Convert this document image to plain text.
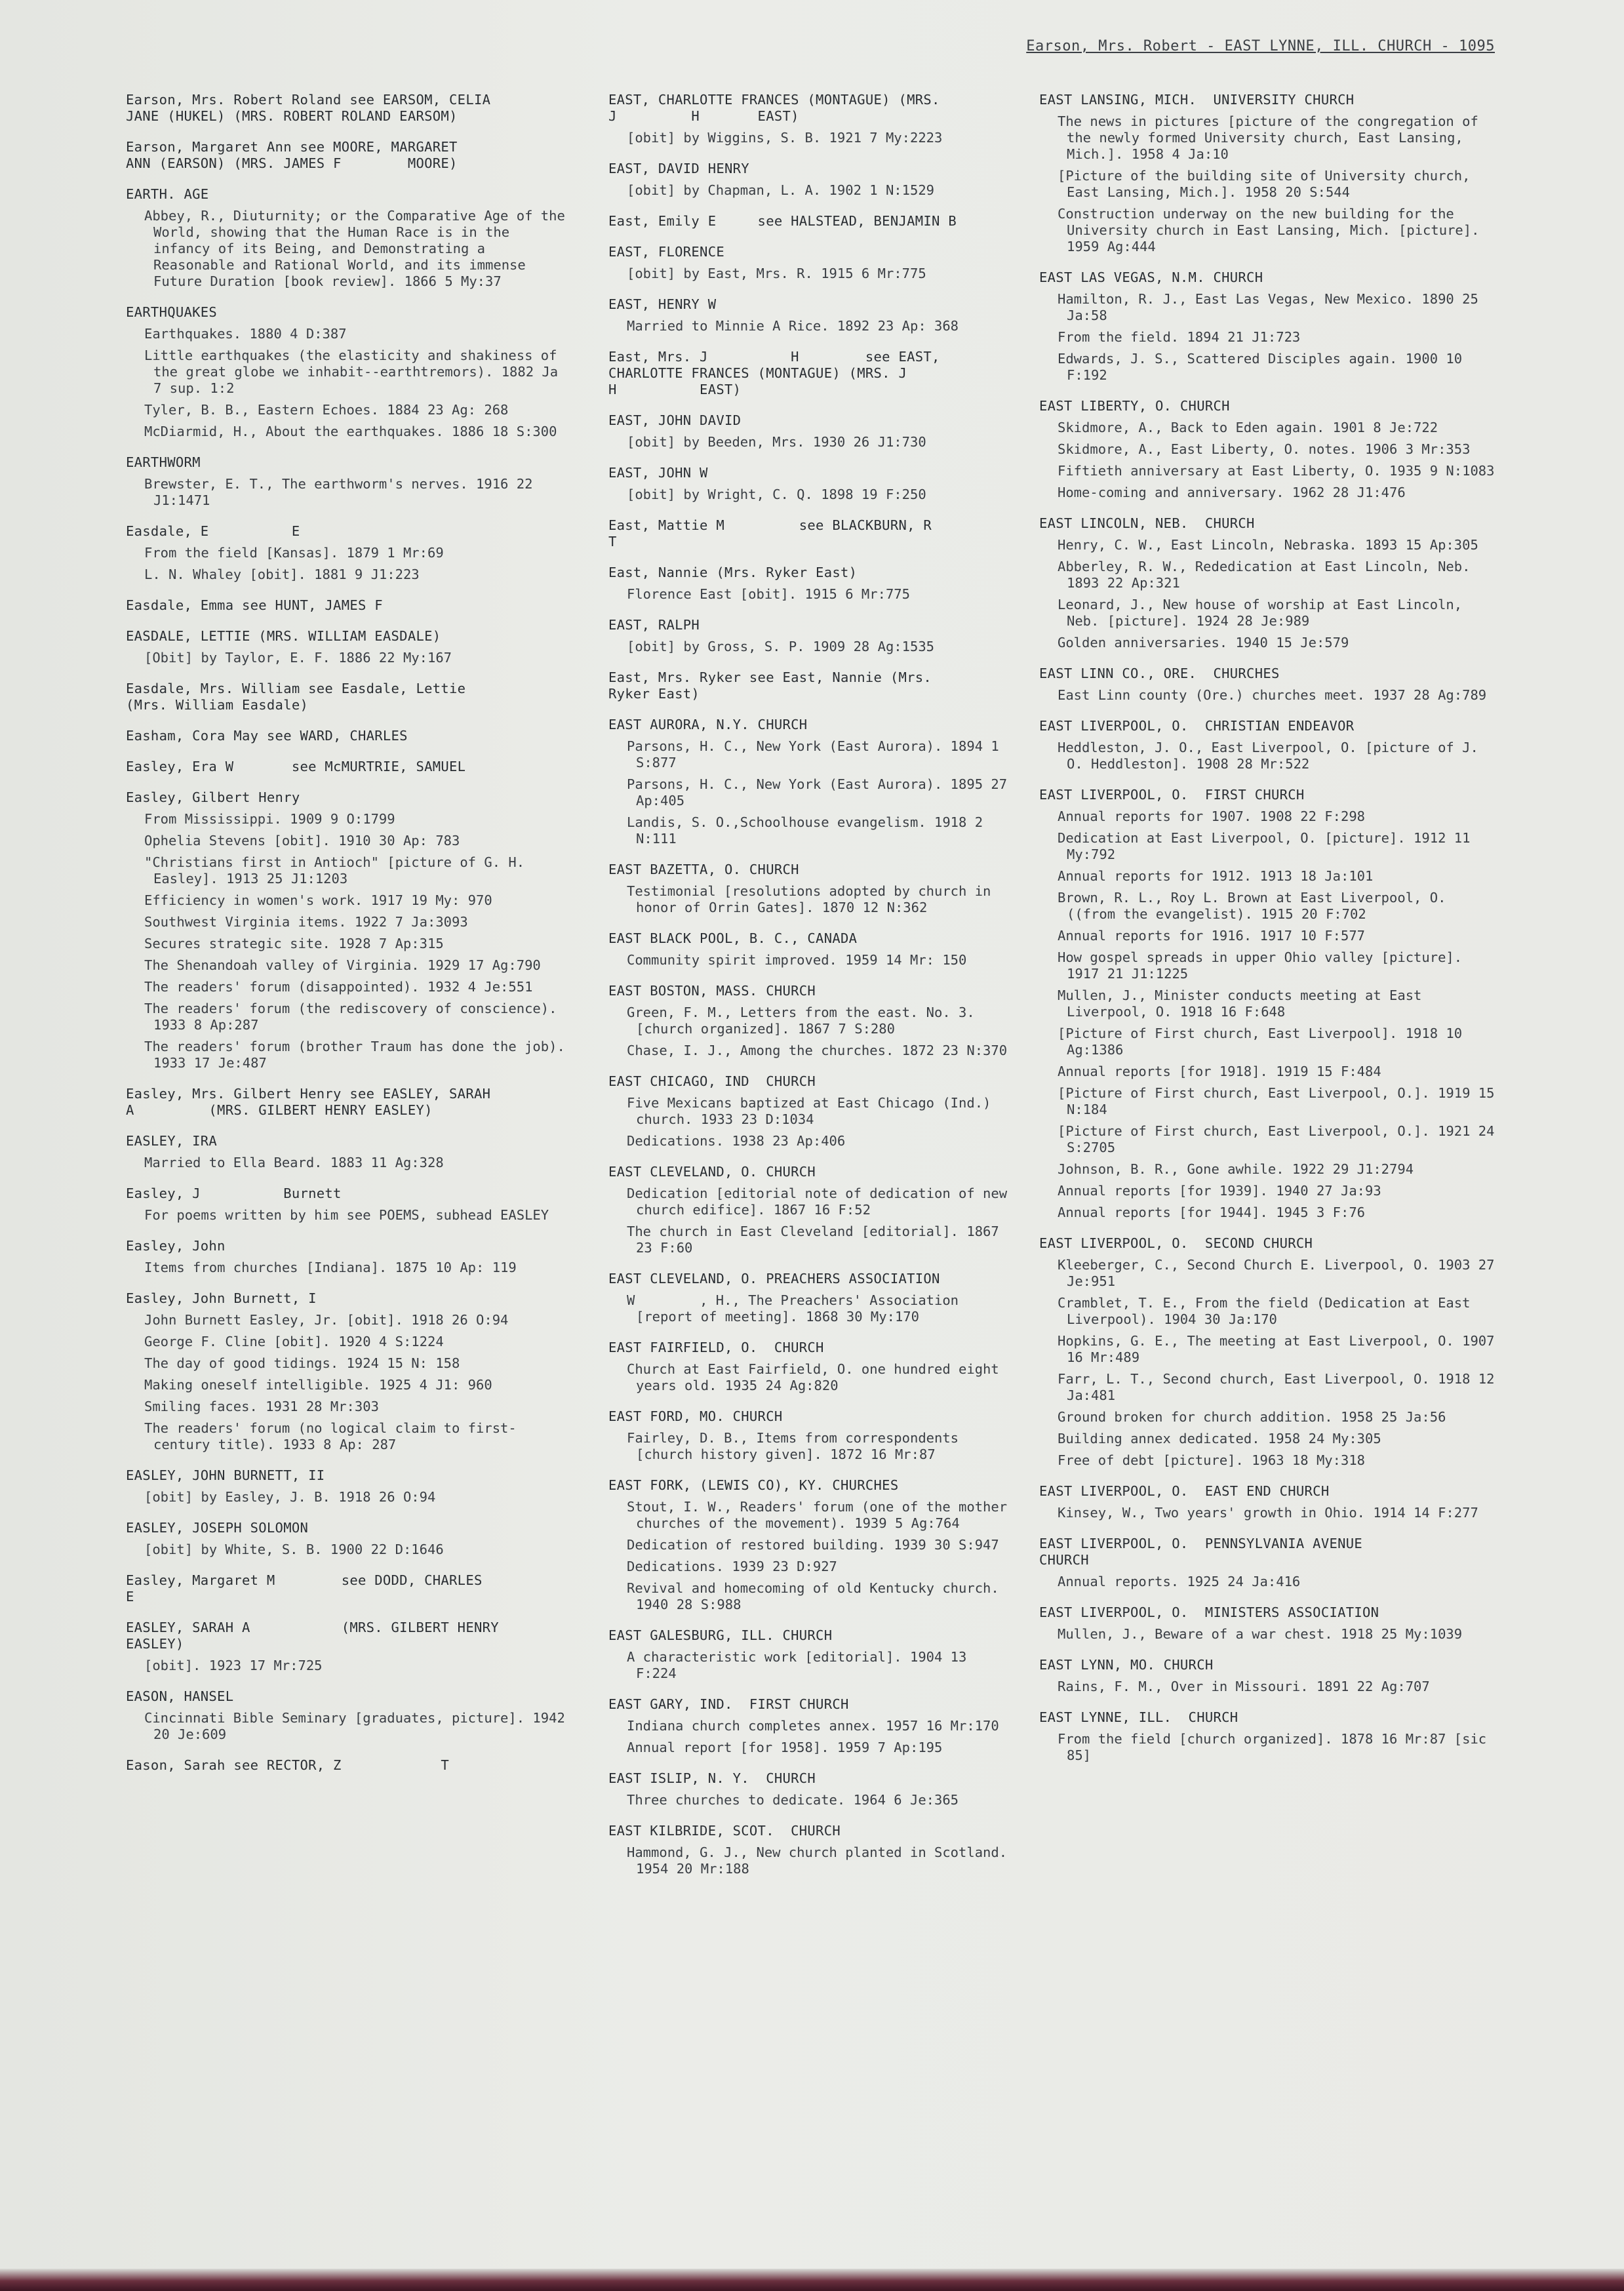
Earson, Mrs. Robert - EAST LYNNE, ILL. CHURCH - 1095
Earson, Mrs. Robert Roland see EARSOM, CELIA
JANE (HUKEL) (MRS. ROBERT ROLAND EARSOM)
Earson, Margaret Ann see MOORE, MARGARET
ANN (EARSON) (MRS. JAMES F        MOORE)
EARTH. AGE
Abbey, R., Diuturnity; or the Comparative Age of the World, showing that the Human Race is in the infancy of its Being, and Demonstrating a Reasonable and Rational World, and its immense Future Duration [book review]. 1866 5 My:37
EARTHQUAKES
Earthquakes. 1880 4 D:387
Little earthquakes (the elasticity and shakiness of the great globe we inhabit--earthtremors). 1882 Ja 7 sup. 1:2
Tyler, B. B., Eastern Echoes. 1884 23 Ag: 268
McDiarmid, H., About the earthquakes. 1886 18 S:300
EARTHWORM
Brewster, E. T., The earthworm's nerves. 1916 22 J1:1471
Easdale, E          E
From the field [Kansas]. 1879 1 Mr:69
L. N. Whaley [obit]. 1881 9 J1:223
Easdale, Emma see HUNT, JAMES F
EASDALE, LETTIE (MRS. WILLIAM EASDALE)
[Obit] by Taylor, E. F. 1886 22 My:167
Easdale, Mrs. William see Easdale, Lettie
(Mrs. William Easdale)
Easham, Cora May see WARD, CHARLES
Easley, Era W       see McMURTRIE, SAMUEL
Easley, Gilbert Henry
From Mississippi. 1909 9 O:1799
Ophelia Stevens [obit]. 1910 30 Ap: 783
"Christians first in Antioch" [picture of G. H. Easley]. 1913 25 J1:1203
Efficiency in women's work. 1917 19 My: 970
Southwest Virginia items. 1922 7 Ja:3093
Secures strategic site. 1928 7 Ap:315
The Shenandoah valley of Virginia. 1929 17 Ag:790
The readers' forum (disappointed). 1932 4 Je:551
The readers' forum (the rediscovery of conscience). 1933 8 Ap:287
The readers' forum (brother Traum has done the job). 1933 17 Je:487
Easley, Mrs. Gilbert Henry see EASLEY, SARAH
A         (MRS. GILBERT HENRY EASLEY)
EASLEY, IRA
Married to Ella Beard. 1883 11 Ag:328
Easley, J          Burnett
For poems written by him see POEMS, subhead EASLEY
Easley, John
Items from churches [Indiana]. 1875 10 Ap: 119
Easley, John Burnett, I
John Burnett Easley, Jr. [obit]. 1918 26 O:94
George F. Cline [obit]. 1920 4 S:1224
The day of good tidings. 1924 15 N: 158
Making oneself intelligible. 1925 4 J1: 960
Smiling faces. 1931 28 Mr:303
The readers' forum (no logical claim to first-century title). 1933 8 Ap: 287
EASLEY, JOHN BURNETT, II
[obit] by Easley, J. B. 1918 26 O:94
EASLEY, JOSEPH SOLOMON
[obit] by White, S. B. 1900 22 D:1646
Easley, Margaret M        see DODD, CHARLES
E
EASLEY, SARAH A           (MRS. GILBERT HENRY
EASLEY)
[obit]. 1923 17 Mr:725
EASON, HANSEL
Cincinnati Bible Seminary [graduates, picture]. 1942 20 Je:609
Eason, Sarah see RECTOR, Z            T
EAST, CHARLOTTE FRANCES (MONTAGUE) (MRS.
J         H       EAST)
[obit] by Wiggins, S. B. 1921 7 My:2223
EAST, DAVID HENRY
[obit] by Chapman, L. A. 1902 1 N:1529
East, Emily E     see HALSTEAD, BENJAMIN B
EAST, FLORENCE
[obit] by East, Mrs. R. 1915 6 Mr:775
EAST, HENRY W
Married to Minnie A Rice. 1892 23 Ap: 368
East, Mrs. J          H        see EAST,
CHARLOTTE FRANCES (MONTAGUE) (MRS. J
H          EAST)
EAST, JOHN DAVID
[obit] by Beeden, Mrs. 1930 26 J1:730
EAST, JOHN W
[obit] by Wright, C. Q. 1898 19 F:250
East, Mattie M         see BLACKBURN, R
T
East, Nannie (Mrs. Ryker East)
Florence East [obit]. 1915 6 Mr:775
EAST, RALPH
[obit] by Gross, S. P. 1909 28 Ag:1535
East, Mrs. Ryker see East, Nannie (Mrs.
Ryker East)
EAST AURORA, N.Y. CHURCH
Parsons, H. C., New York (East Aurora). 1894 1 S:877
Parsons, H. C., New York (East Aurora). 1895 27 Ap:405
Landis, S. O.,Schoolhouse evangelism. 1918 2 N:111
EAST BAZETTA, O. CHURCH
Testimonial [resolutions adopted by church in honor of Orrin Gates]. 1870 12 N:362
EAST BLACK POOL, B. C., CANADA
Community spirit improved. 1959 14 Mr: 150
EAST BOSTON, MASS. CHURCH
Green, F. M., Letters from the east. No. 3. [church organized]. 1867 7 S:280
Chase, I. J., Among the churches. 1872 23 N:370
EAST CHICAGO, IND  CHURCH
Five Mexicans baptized at East Chicago (Ind.) church. 1933 23 D:1034
Dedications. 1938 23 Ap:406
EAST CLEVELAND, O. CHURCH
Dedication [editorial note of dedication of new church edifice]. 1867 16 F:52
The church in East Cleveland [editorial]. 1867 23 F:60
EAST CLEVELAND, O. PREACHERS ASSOCIATION
W        , H., The Preachers' Association [report of meeting]. 1868 30 My:170
EAST FAIRFIELD, O.  CHURCH
Church at East Fairfield, O. one hundred eight years old. 1935 24 Ag:820
EAST FORD, MO. CHURCH
Fairley, D. B., Items from correspondents [church history given]. 1872 16 Mr:87
EAST FORK, (LEWIS CO), KY. CHURCHES
Stout, I. W., Readers' forum (one of the mother churches of the movement). 1939 5 Ag:764
Dedication of restored building. 1939 30 S:947
Dedications. 1939 23 D:927
Revival and homecoming of old Kentucky church. 1940 28 S:988
EAST GALESBURG, ILL. CHURCH
A characteristic work [editorial]. 1904 13 F:224
EAST GARY, IND.  FIRST CHURCH
Indiana church completes annex. 1957 16 Mr:170
Annual report [for 1958]. 1959 7 Ap:195
EAST ISLIP, N. Y.  CHURCH
Three churches to dedicate. 1964 6 Je:365
EAST KILBRIDE, SCOT.  CHURCH
Hammond, G. J., New church planted in Scotland. 1954 20 Mr:188
EAST LANSING, MICH.  UNIVERSITY CHURCH
The news in pictures [picture of the congregation of the newly formed University church, East Lansing, Mich.]. 1958 4 Ja:10
[Picture of the building site of University church, East Lansing, Mich.]. 1958 20 S:544
Construction underway on the new building for the University church in East Lansing, Mich. [picture]. 1959 Ag:444
EAST LAS VEGAS, N.M. CHURCH
Hamilton, R. J., East Las Vegas, New Mexico. 1890 25 Ja:58
From the field. 1894 21 J1:723
Edwards, J. S., Scattered Disciples again. 1900 10 F:192
EAST LIBERTY, O. CHURCH
Skidmore, A., Back to Eden again. 1901 8 Je:722
Skidmore, A., East Liberty, O. notes. 1906 3 Mr:353
Fiftieth anniversary at East Liberty, O. 1935 9 N:1083
Home-coming and anniversary. 1962 28 J1:476
EAST LINCOLN, NEB.  CHURCH
Henry, C. W., East Lincoln, Nebraska. 1893 15 Ap:305
Abberley, R. W., Rededication at East Lincoln, Neb. 1893 22 Ap:321
Leonard, J., New house of worship at East Lincoln, Neb. [picture]. 1924 28 Je:989
Golden anniversaries. 1940 15 Je:579
EAST LINN CO., ORE.  CHURCHES
East Linn county (Ore.) churches meet. 1937 28 Ag:789
EAST LIVERPOOL, O.  CHRISTIAN ENDEAVOR
Heddleston, J. O., East Liverpool, O. [picture of J. O. Heddleston]. 1908 28 Mr:522
EAST LIVERPOOL, O.  FIRST CHURCH
Annual reports for 1907. 1908 22 F:298
Dedication at East Liverpool, O. [picture]. 1912 11 My:792
Annual reports for 1912. 1913 18 Ja:101
Brown, R. L., Roy L. Brown at East Liverpool, O. ((from the evangelist). 1915 20 F:702
Annual reports for 1916. 1917 10 F:577
How gospel spreads in upper Ohio valley [picture]. 1917 21 J1:1225
Mullen, J., Minister conducts meeting at East Liverpool, O. 1918 16 F:648
[Picture of First church, East Liverpool]. 1918 10 Ag:1386
Annual reports [for 1918]. 1919 15 F:484
[Picture of First church, East Liverpool, O.]. 1919 15 N:184
[Picture of First church, East Liverpool, O.]. 1921 24 S:2705
Johnson, B. R., Gone awhile. 1922 29 J1:2794
Annual reports [for 1939]. 1940 27 Ja:93
Annual reports [for 1944]. 1945 3 F:76
EAST LIVERPOOL, O.  SECOND CHURCH
Kleeberger, C., Second Church E. Liverpool, O. 1903 27 Je:951
Cramblet, T. E., From the field (Dedication at East Liverpool). 1904 30 Ja:170
Hopkins, G. E., The meeting at East Liverpool, O. 1907 16 Mr:489
Farr, L. T., Second church, East Liverpool, O. 1918 12 Ja:481
Ground broken for church addition. 1958 25 Ja:56
Building annex dedicated. 1958 24 My:305
Free of debt [picture]. 1963 18 My:318
EAST LIVERPOOL, O.  EAST END CHURCH
Kinsey, W., Two years' growth in Ohio. 1914 14 F:277
EAST LIVERPOOL, O.  PENNSYLVANIA AVENUE
CHURCH
Annual reports. 1925 24 Ja:416
EAST LIVERPOOL, O.  MINISTERS ASSOCIATION
Mullen, J., Beware of a war chest. 1918 25 My:1039
EAST LYNN, MO. CHURCH
Rains, F. M., Over in Missouri. 1891 22 Ag:707
EAST LYNNE, ILL.  CHURCH
From the field [church organized]. 1878 16 Mr:87 [sic 85]
